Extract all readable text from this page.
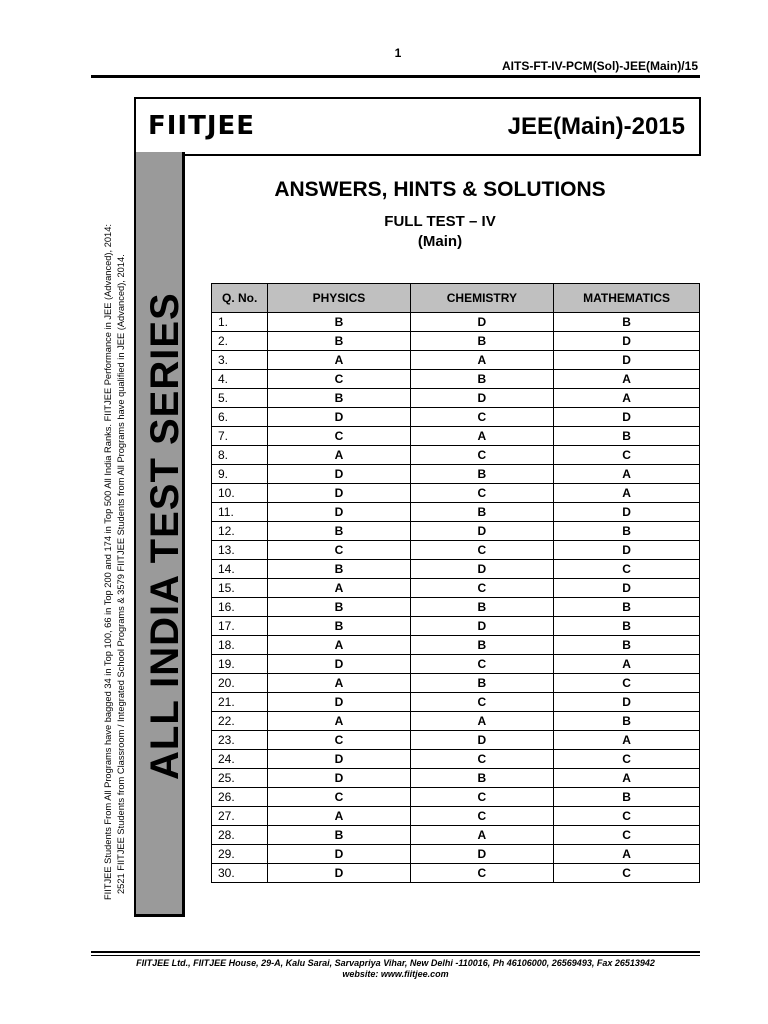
1
AITS-FT-IV-PCM(Sol)-JEE(Main)/15
FIITJEE Students From All Programs have bagged 34 in Top 100, 66 in Top 200 and 174 in Top 500 All India Ranks. FIITJEE Performance in JEE (Advanced), 2014: 2521 FIITJEE Students from Classroom / Integrated School Programs & 3579 FIITJEE Students from All Programs have qualified in JEE (Advanced), 2014.
FIITJEE	JEE(Main)-2015
ALL INDIA TEST SERIES
ANSWERS, HINTS & SOLUTIONS
FULL TEST – IV
(Main)
Q. No.	PHYSICS	CHEMISTRY	MATHEMATICS
1.	B	D	B
2.	B	B	D
3.	A	A	D
4.	C	B	A
5.	B	D	A
6.	D	C	D
7.	C	A	B
8.	A	C	C
9.	D	B	A
10.	D	C	A
11.	D	B	D
12.	B	D	B
13.	C	C	D
14.	B	D	C
15.	A	C	D
16.	B	B	B
17.	B	D	B
18.	A	B	B
19.	D	C	A
20.	A	B	C
21.	D	C	D
22.	A	A	B
23.	C	D	A
24.	D	C	C
25.	D	B	A
26.	C	C	B
27.	A	C	C
28.	B	A	C
29.	D	D	A
30.	D	C	C
FIITJEE Ltd., FIITJEE House, 29-A, Kalu Sarai, Sarvapriya Vihar, New Delhi -110016, Ph 46106000, 26569493, Fax 26513942
website: www.fiitjee.com
